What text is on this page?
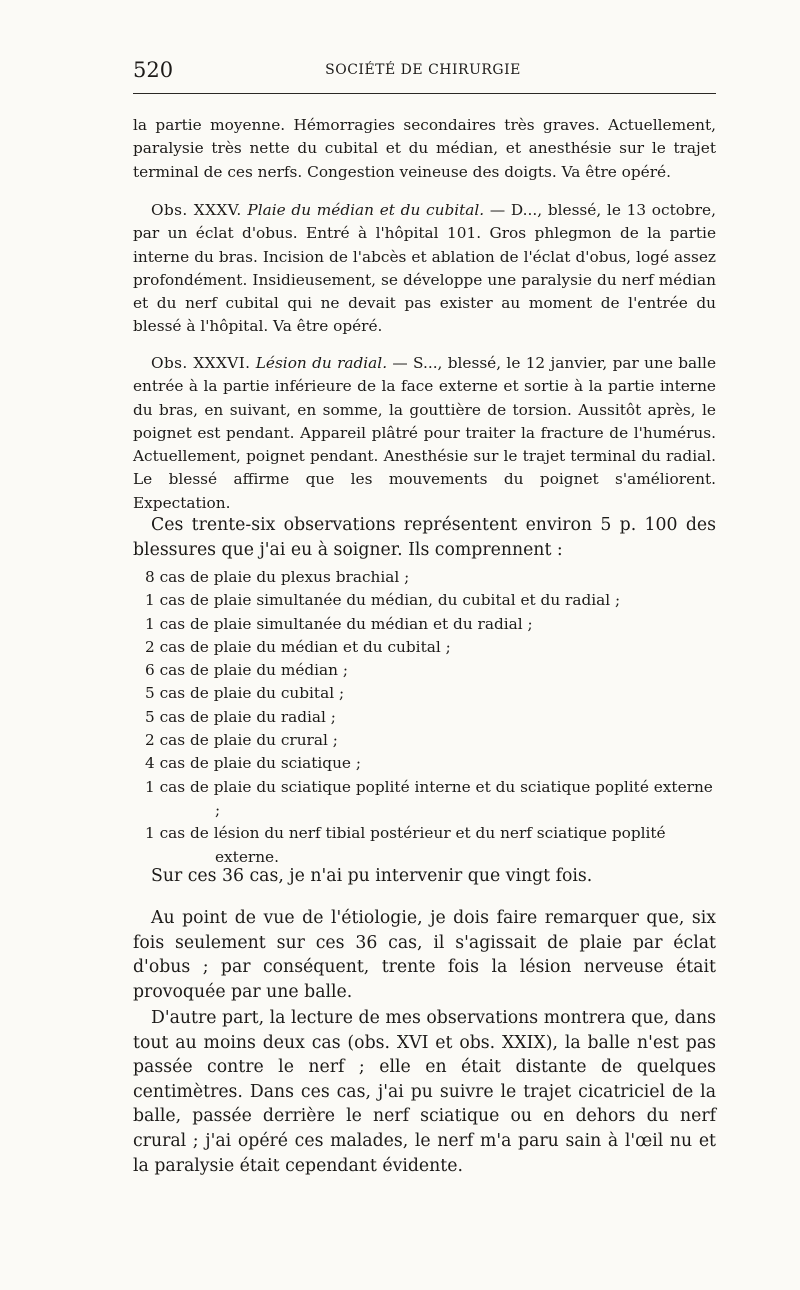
520	SOCIÉTÉ DE CHIRURGIE

la partie moyenne. Hémorragies secondaires très graves. Actuellement, paralysie très nette du cubital et du médian, et anesthésie sur le trajet terminal de ces nerfs. Congestion veineuse des doigts. Va être opéré.

Obs. XXXV. Plaie du médian et du cubital. — D..., blessé, le 13 octobre, par un éclat d'obus. Entré à l'hôpital 101. Gros phlegmon de la partie interne du bras. Incision de l'abcès et ablation de l'éclat d'obus, logé assez profondément. Insidieusement, se développe une paralysie du nerf médian et du nerf cubital qui ne devait pas exister au moment de l'entrée du blessé à l'hôpital. Va être opéré.

Obs. XXXVI. Lésion du radial. — S..., blessé, le 12 janvier, par une balle entrée à la partie inférieure de la face externe et sortie à la partie interne du bras, en suivant, en somme, la gouttière de torsion. Aussitôt après, le poignet est pendant. Appareil plâtré pour traiter la fracture de l'humérus. Actuellement, poignet pendant. Anesthésie sur le trajet terminal du radial. Le blessé affirme que les mouvements du poignet s'améliorent. Expectation.

Ces trente-six observations représentent environ 5 p. 100 des blessures que j'ai eu à soigner. Ils comprennent :

8 cas de plaie du plexus brachial ;
1 cas de plaie simultanée du médian, du cubital et du radial ;
1 cas de plaie simultanée du médian et du radial ;
2 cas de plaie du médian et du cubital ;
6 cas de plaie du médian ;
5 cas de plaie du cubital ;
5 cas de plaie du radial ;
2 cas de plaie du crural ;
4 cas de plaie du sciatique ;
1 cas de plaie du sciatique poplité interne et du sciatique poplité externe ;
1 cas de lésion du nerf tibial postérieur et du nerf sciatique poplité externe.

Sur ces 36 cas, je n'ai pu intervenir que vingt fois.

Au point de vue de l'étiologie, je dois faire remarquer que, six fois seulement sur ces 36 cas, il s'agissait de plaie par éclat d'obus ; par conséquent, trente fois la lésion nerveuse était provoquée par une balle.

D'autre part, la lecture de mes observations montrera que, dans tout au moins deux cas (obs. XVI et obs. XXIX), la balle n'est pas passée contre le nerf ; elle en était distante de quelques centimètres. Dans ces cas, j'ai pu suivre le trajet cicatriciel de la balle, passée derrière le nerf sciatique ou en dehors du nerf crural ; j'ai opéré ces malades, le nerf m'a paru sain à l'œil nu et la paralysie était cependant évidente.
